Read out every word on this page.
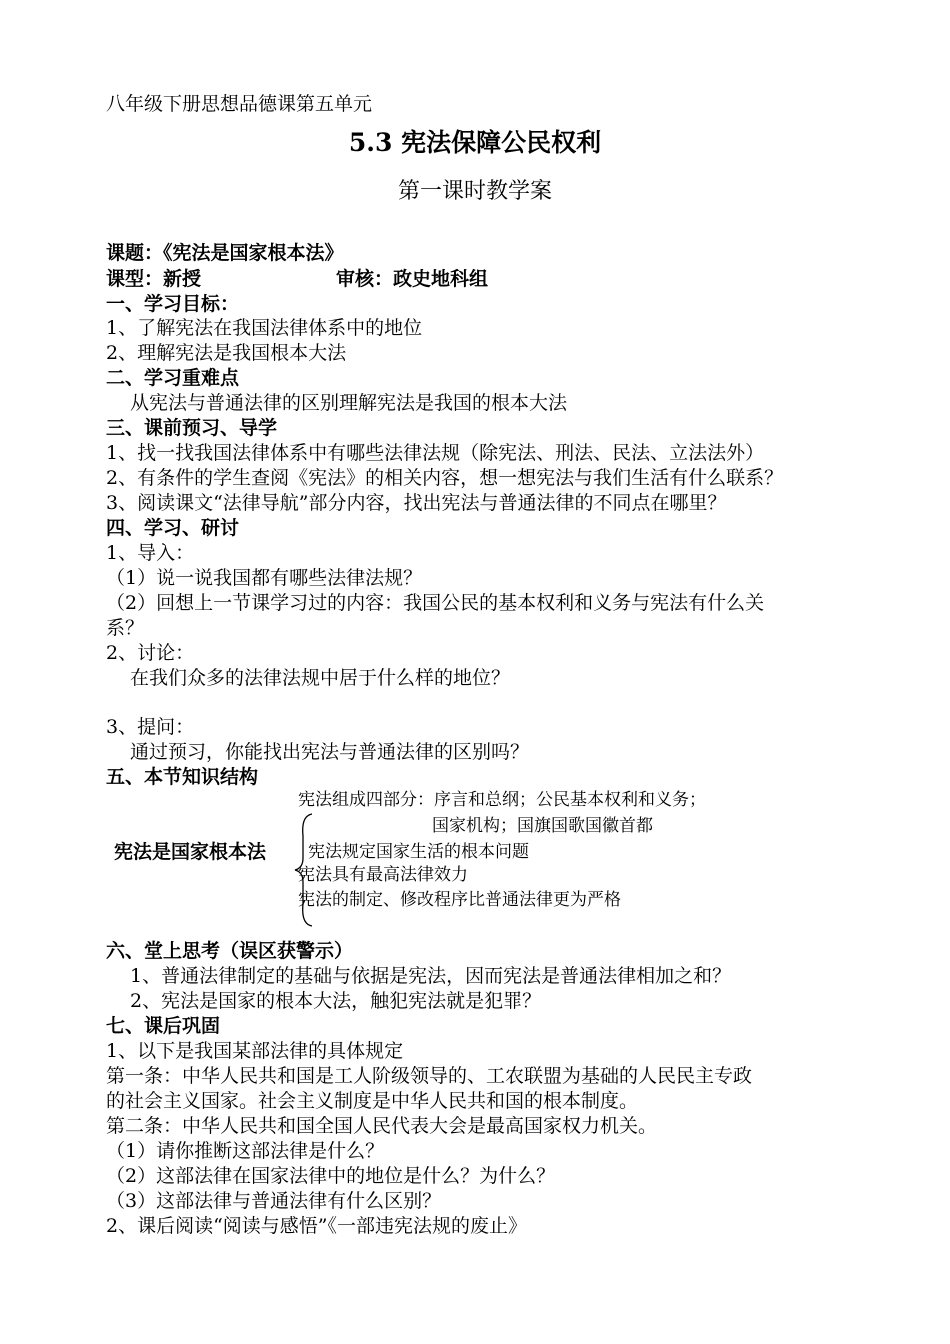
八年级下册思想品德课第五单元
5.3 宪法保障公民权利
第一课时教学案
课题：《宪法是国家根本法》
课型：新授	审核：政史地科组
一、学习目标：
1、了解宪法在我国法律体系中的地位
2、理解宪法是我国根本大法
二、学习重难点
从宪法与普通法律的区别理解宪法是我国的根本大法
三、课前预习、导学
1、找一找我国法律体系中有哪些法律法规（除宪法、刑法、民法、立法法外）
2、有条件的学生查阅《宪法》的相关内容，想一想宪法与我们生活有什么联系？
3、阅读课文“法律导航”部分内容，找出宪法与普通法律的不同点在哪里？
四、学习、研讨
1、导入：
（1）说一说我国都有哪些法律法规？
（2）回想上一节课学习过的内容：我国公民的基本权利和义务与宪法有什么关
系？
2、讨论：
在我们众多的法律法规中居于什么样的地位？
3、提问：
通过预习，你能找出宪法与普通法律的区别吗？
五、本节知识结构
宪法是国家根本法
宪法组成四部分：序言和总纲；公民基本权利和义务；
国家机构；国旗国歌国徽首都
宪法规定国家生活的根本问题
宪法具有最高法律效力
宪法的制定、修改程序比普通法律更为严格
六、堂上思考（误区获警示）
1、普通法律制定的基础与依据是宪法，因而宪法是普通法律相加之和？
2、宪法是国家的根本大法，触犯宪法就是犯罪？
七、课后巩固
1、以下是我国某部法律的具体规定
第一条：中华人民共和国是工人阶级领导的、工农联盟为基础的人民民主专政
的社会主义国家。社会主义制度是中华人民共和国的根本制度。
第二条：中华人民共和国全国人民代表大会是最高国家权力机关。
（1）请你推断这部法律是什么？
（2）这部法律在国家法律中的地位是什么？为什么？
（3）这部法律与普通法律有什么区别？
2、课后阅读“阅读与感悟”《一部违宪法规的废止》
